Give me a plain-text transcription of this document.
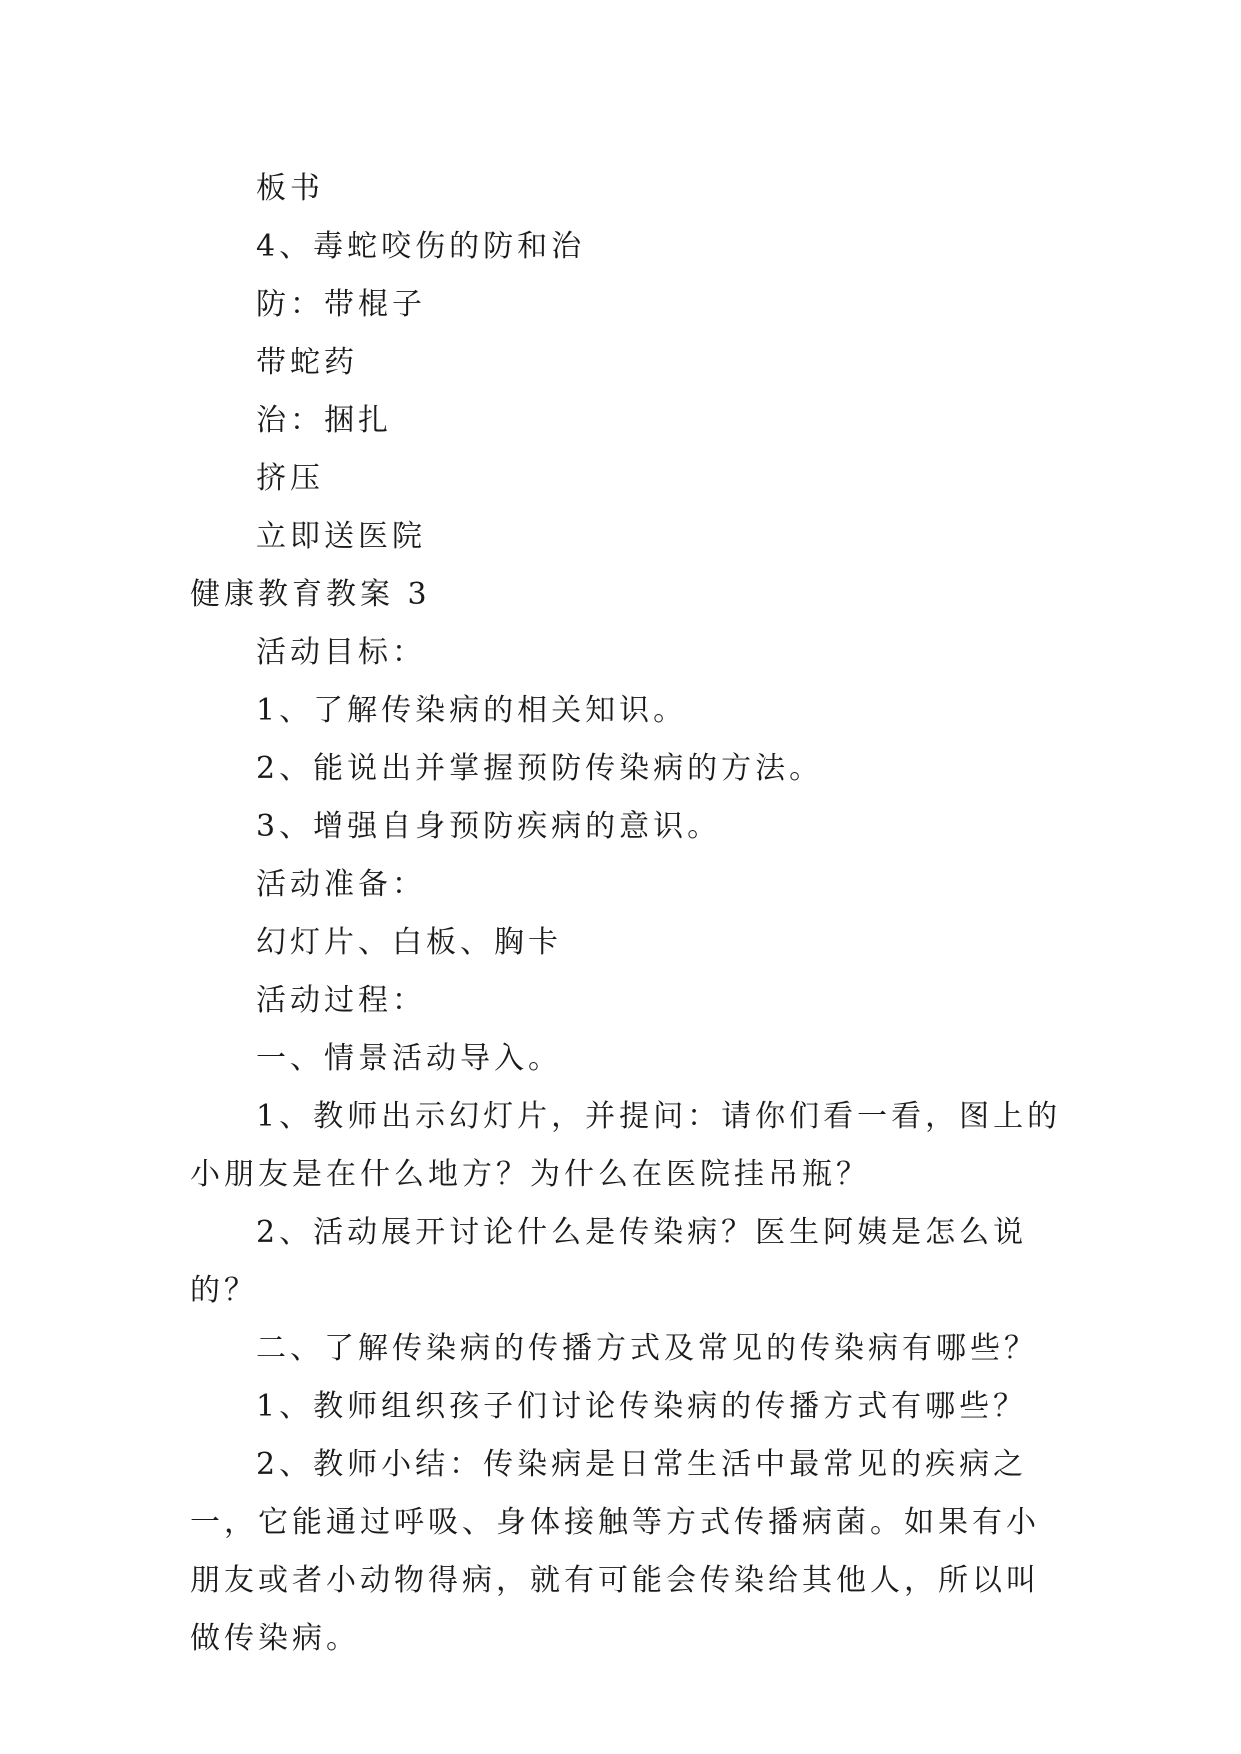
板书
4、毒蛇咬伤的防和治
防：带棍子
带蛇药
治：捆扎
挤压
立即送医院
健康教育教案 3
活动目标：
1、了解传染病的相关知识。
2、能说出并掌握预防传染病的方法。
3、增强自身预防疾病的意识。
活动准备：
幻灯片、白板、胸卡
活动过程：
一、情景活动导入。

1、教师出示幻灯片，并提问：请你们看一看，图上的小朋友是在什么地方？为什么在医院挂吊瓶？

2、活动展开讨论什么是传染病？医生阿姨是怎么说的？

二、了解传染病的传播方式及常见的传染病有哪些？

1、教师组织孩子们讨论传染病的传播方式有哪些？

2、教师小结：传染病是日常生活中最常见的疾病之一，它能通过呼吸、身体接触等方式传播病菌。如果有小朋友或者小动物得病，就有可能会传染给其他人，所以叫做传染病。
